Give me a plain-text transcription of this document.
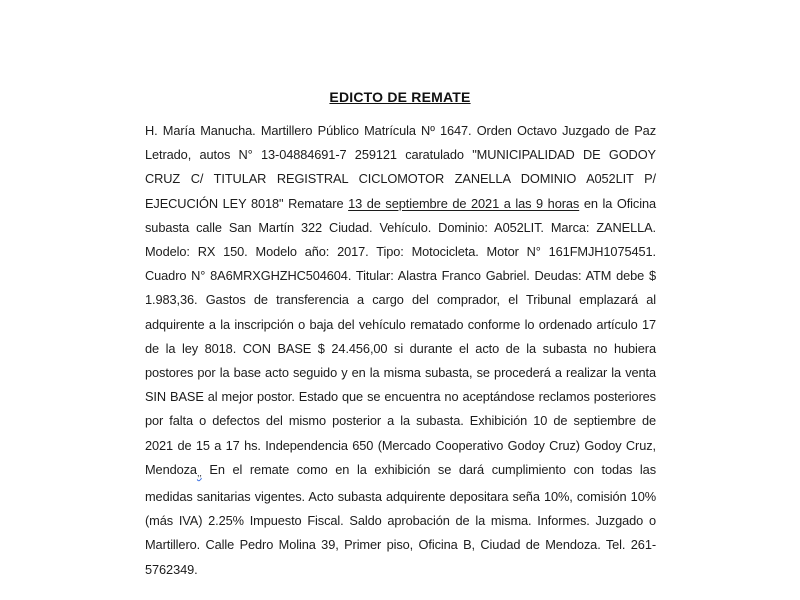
EDICTO DE REMATE

H. María Manucha. Martillero Público Matrícula Nº 1647. Orden Octavo Juzgado de Paz Letrado, autos N° 13-04884691-7 259121 caratulado "MUNICIPALIDAD DE GODOY CRUZ C/ TITULAR REGISTRAL CICLOMOTOR ZANELLA DOMINIO A052LIT P/ EJECUCIÓN LEY 8018" Rematare 13 de septiembre de 2021 a las 9 horas en la Oficina subasta calle San Martín 322 Ciudad. Vehículo. Dominio: A052LIT. Marca: ZANELLA. Modelo: RX 150. Modelo año: 2017. Tipo: Motocicleta. Motor N° 161FMJH1075451. Cuadro N° 8A6MRXGHZHC504604. Titular: Alastra Franco Gabriel. Deudas: ATM debe $ 1.983,36. Gastos de transferencia a cargo del comprador, el Tribunal emplazará al adquirente a la inscripción o baja del vehículo rematado conforme lo ordenado artículo 17 de la ley 8018. CON BASE $ 24.456,00 si durante el acto de la subasta no hubiera postores por la base acto seguido y en la misma subasta, se procederá a realizar la venta SIN BASE al mejor postor. Estado que se encuentra no aceptándose reclamos posteriores por falta o defectos del mismo posterior a la subasta. Exhibición 10 de septiembre de 2021 de 15 a 17 hs. Independencia 650 (Mercado Cooperativo Godoy Cruz) Godoy Cruz, Mendoza,, En el remate como en la exhibición se dará cumplimiento con todas las medidas sanitarias vigentes. Acto subasta adquirente depositara seña 10%, comisión 10% (más IVA) 2.25% Impuesto Fiscal. Saldo aprobación de la misma. Informes. Juzgado o Martillero. Calle Pedro Molina 39, Primer piso, Oficina B, Ciudad de Mendoza. Tel. 261-5762349.
